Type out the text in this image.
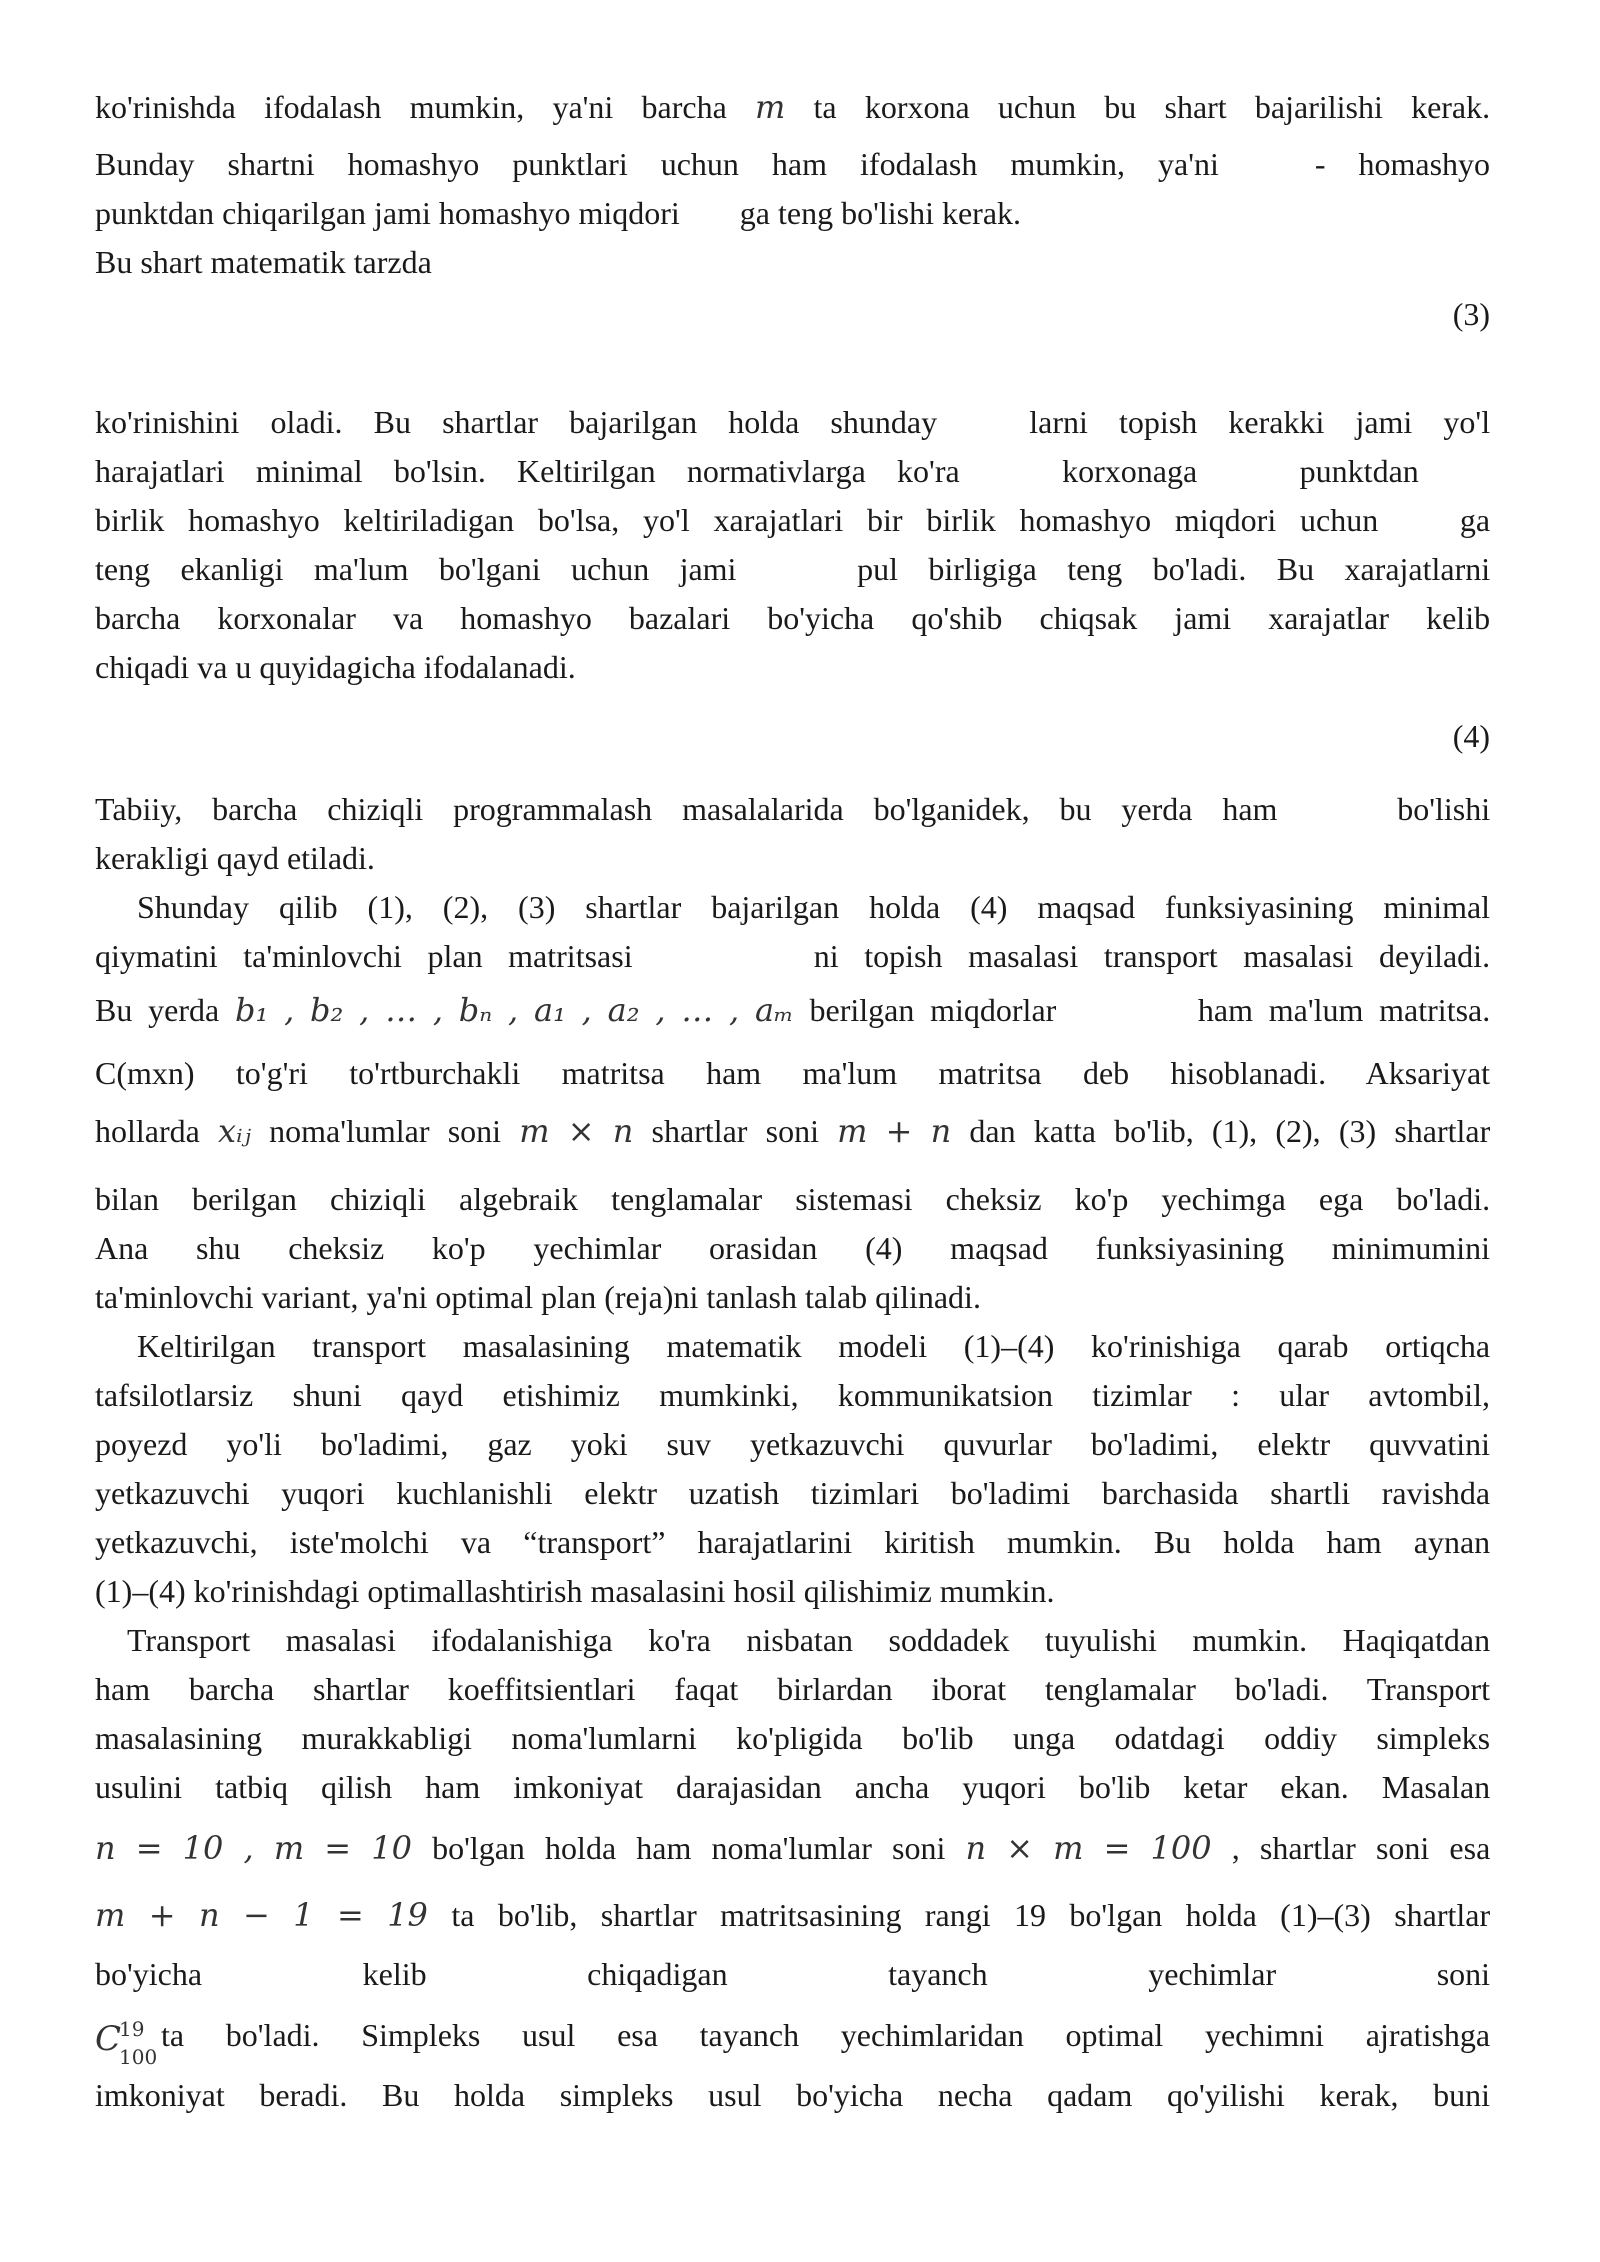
ko'rinishda ifodalash mumkin, ya'ni barcha m ta korxona uchun bu shart bajarilishi kerak.
Bunday shartni homashyo punktlari uchun ham ifodalash mumkin, ya'ni	- homashyo
punktdan chiqarilgan jami homashyo miqdori ga teng bo'lishi kerak.
Bu shart matematik tarzda
ko'rinishini oladi. Bu shartlar bajarilgan holda shunday	larni topish kerakki jami yo'l
harajatlari minimal bo'lsin. Keltirilgan normativlarga ko'ra	korxonaga	punktdan
birlik homashyo keltiriladigan bo'lsa, yo'l xarajatlari bir birlik homashyo miqdori uchun	ga
teng ekanligi ma'lum bo'lgani uchun jami	pul birligiga teng bo'ladi. Bu xarajatlarni
barcha korxonalar va homashyo bazalari bo'yicha qo'shib chiqsak jami xarajatlar kelib
chiqadi va u quyidagicha ifodalanadi.
Tabiiy, barcha chiziqli programmalash masalalarida bo'lganidek, bu yerda ham	bo'lishi
kerakligi qayd etiladi.
Shunday qilib (1), (2), (3) shartlar bajarilgan holda (4) maqsad funksiyasining minimal
qiymatini ta'minlovchi plan matritsasi	ni topish masalasi transport masalasi deyiladi.
Bu yerda b₁ , b₂ , … , bₙ , a₁ , a₂ , … , aₘ berilgan miqdorlar	ham ma'lum matritsa.
C(mxn) to'g'ri to'rtburchakli matritsa ham ma'lum matritsa deb hisoblanadi. Aksariyat
hollarda xᵢⱼ noma'lumlar soni m × n shartlar soni m + n dan katta bo'lib, (1), (2), (3) shartlar
bilan berilgan chiziqli algebraik tenglamalar sistemasi cheksiz ko'p yechimga ega bo'ladi.
Ana shu cheksiz ko'p yechimlar orasidan (4) maqsad funksiyasining minimumini
ta'minlovchi variant, ya'ni optimal plan (reja)ni tanlash talab qilinadi.
Keltirilgan transport masalasining matematik modeli (1)–(4) ko'rinishiga qarab ortiqcha
tafsilotlarsiz shuni qayd etishimiz mumkinki, kommunikatsion tizimlar : ular avtombil,
poyezd yo'li bo'ladimi, gaz yoki suv yetkazuvchi quvurlar bo'ladimi, elektr quvvatini
yetkazuvchi yuqori kuchlanishli elektr uzatish tizimlari bo'ladimi barchasida shartli ravishda
yetkazuvchi, iste'molchi va “transport” harajatlarini kiritish mumkin. Bu holda ham aynan
(1)–(4) ko'rinishdagi optimallashtirish masalasini hosil qilishimiz mumkin.
Transport masalasi ifodalanishiga ko'ra nisbatan soddadek tuyulishi mumkin. Haqiqatdan
ham barcha shartlar koeffitsientlari faqat birlardan iborat tenglamalar bo'ladi. Transport
masalasining murakkabligi noma'lumlarni ko'pligida bo'lib unga odatdagi oddiy simpleks
usulini tatbiq qilish ham imkoniyat darajasidan ancha yuqori bo'lib ketar ekan. Masalan
n = 10 , m = 10 bo'lgan holda ham noma'lumlar soni n × m = 100 , shartlar soni esa
m + n − 1 = 19 ta bo'lib, shartlar matritsasining rangi 19 bo'lgan holda (1)–(3) shartlar
bo'yicha	kelib	chiqadigan	tayanch	yechimlar	soni
C
19
100
ta bo'ladi. Simpleks usul esa tayanch yechimlaridan optimal yechimni ajratishga
imkoniyat beradi. Bu holda simpleks usul bo'yicha necha qadam qo'yilishi kerak, buni
(3)
(4)
